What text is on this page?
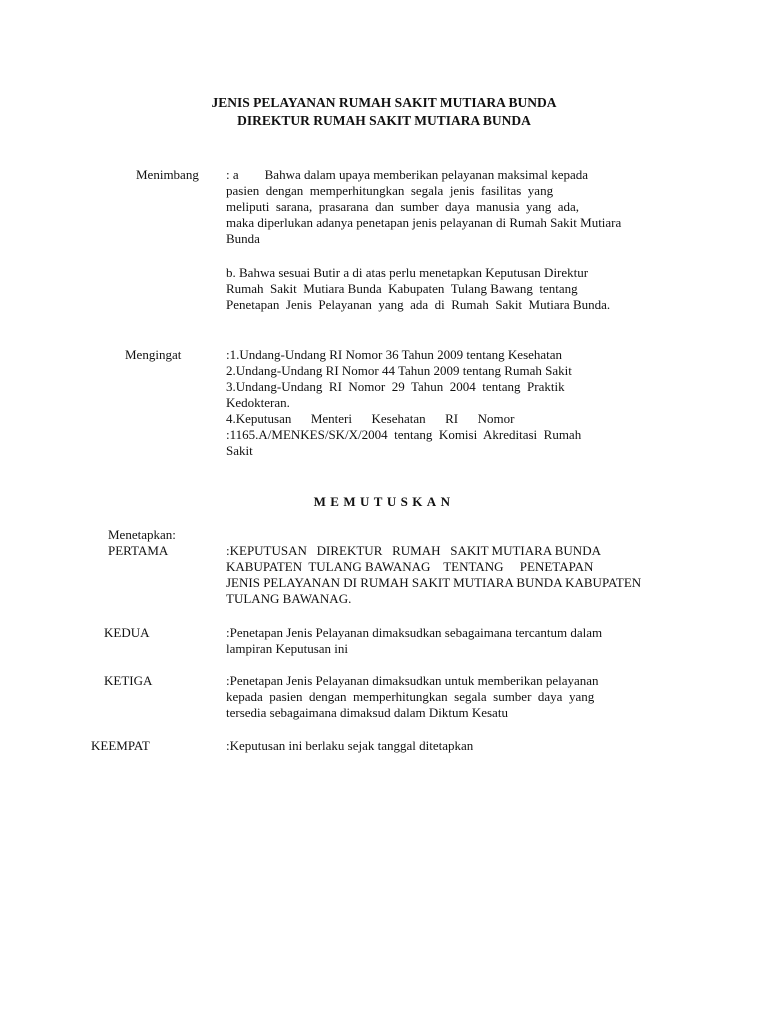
JENIS PELAYANAN RUMAH SAKIT MUTIARA BUNDA
DIREKTUR RUMAH SAKIT MUTIARA BUNDA
Menimbang : a        Bahwa dalam upaya memberikan pelayanan maksimal kepada
pasien  dengan  memperhitungkan  segala  jenis  fasilitas  yang
meliputi  sarana,  prasarana  dan  sumber  daya  manusia  yang  ada,
maka diperlukan adanya penetapan jenis pelayanan di Rumah Sakit Mutiara
Bunda
b. Bahwa sesuai Butir a di atas perlu menetapkan Keputusan Direktur
Rumah  Sakit  Mutiara Bunda  Kabupaten  Tulang Bawang  tentang
Penetapan  Jenis  Pelayanan  yang  ada  di  Rumah  Sakit  Mutiara Bunda.
Mengingat	:1.Undang-Undang RI Nomor 36 Tahun 2009 tentang Kesehatan
2.Undang-Undang RI Nomor 44 Tahun 2009 tentang Rumah Sakit
3.Undang-Undang  RI  Nomor  29  Tahun  2004  tentang  Praktik
Kedokteran.
4.Keputusan      Menteri      Kesehatan      RI      Nomor
:1165.A/MENKES/SK/X/2004  tentang  Komisi  Akreditasi  Rumah
Sakit
MEMUTUSKAN
Menetapkan:
PERTAMA	:KEPUTUSAN   DIREKTUR   RUMAH   SAKIT MUTIARA BUNDA
KABUPATEN  TULANG BAWANAG    TENTANG     PENETAPAN
JENIS PELAYANAN DI RUMAH SAKIT MUTIARA BUNDA KABUPATEN
TULANG BAWANAG.
KEDUA	:Penetapan Jenis Pelayanan dimaksudkan sebagaimana tercantum dalam
lampiran Keputusan ini
KETIGA	:Penetapan Jenis Pelayanan dimaksudkan untuk memberikan pelayanan
kepada  pasien  dengan  memperhitungkan  segala  sumber  daya  yang
tersedia sebagaimana dimaksud dalam Diktum Kesatu
KEEMPAT	:Keputusan ini berlaku sejak tanggal ditetapkan
